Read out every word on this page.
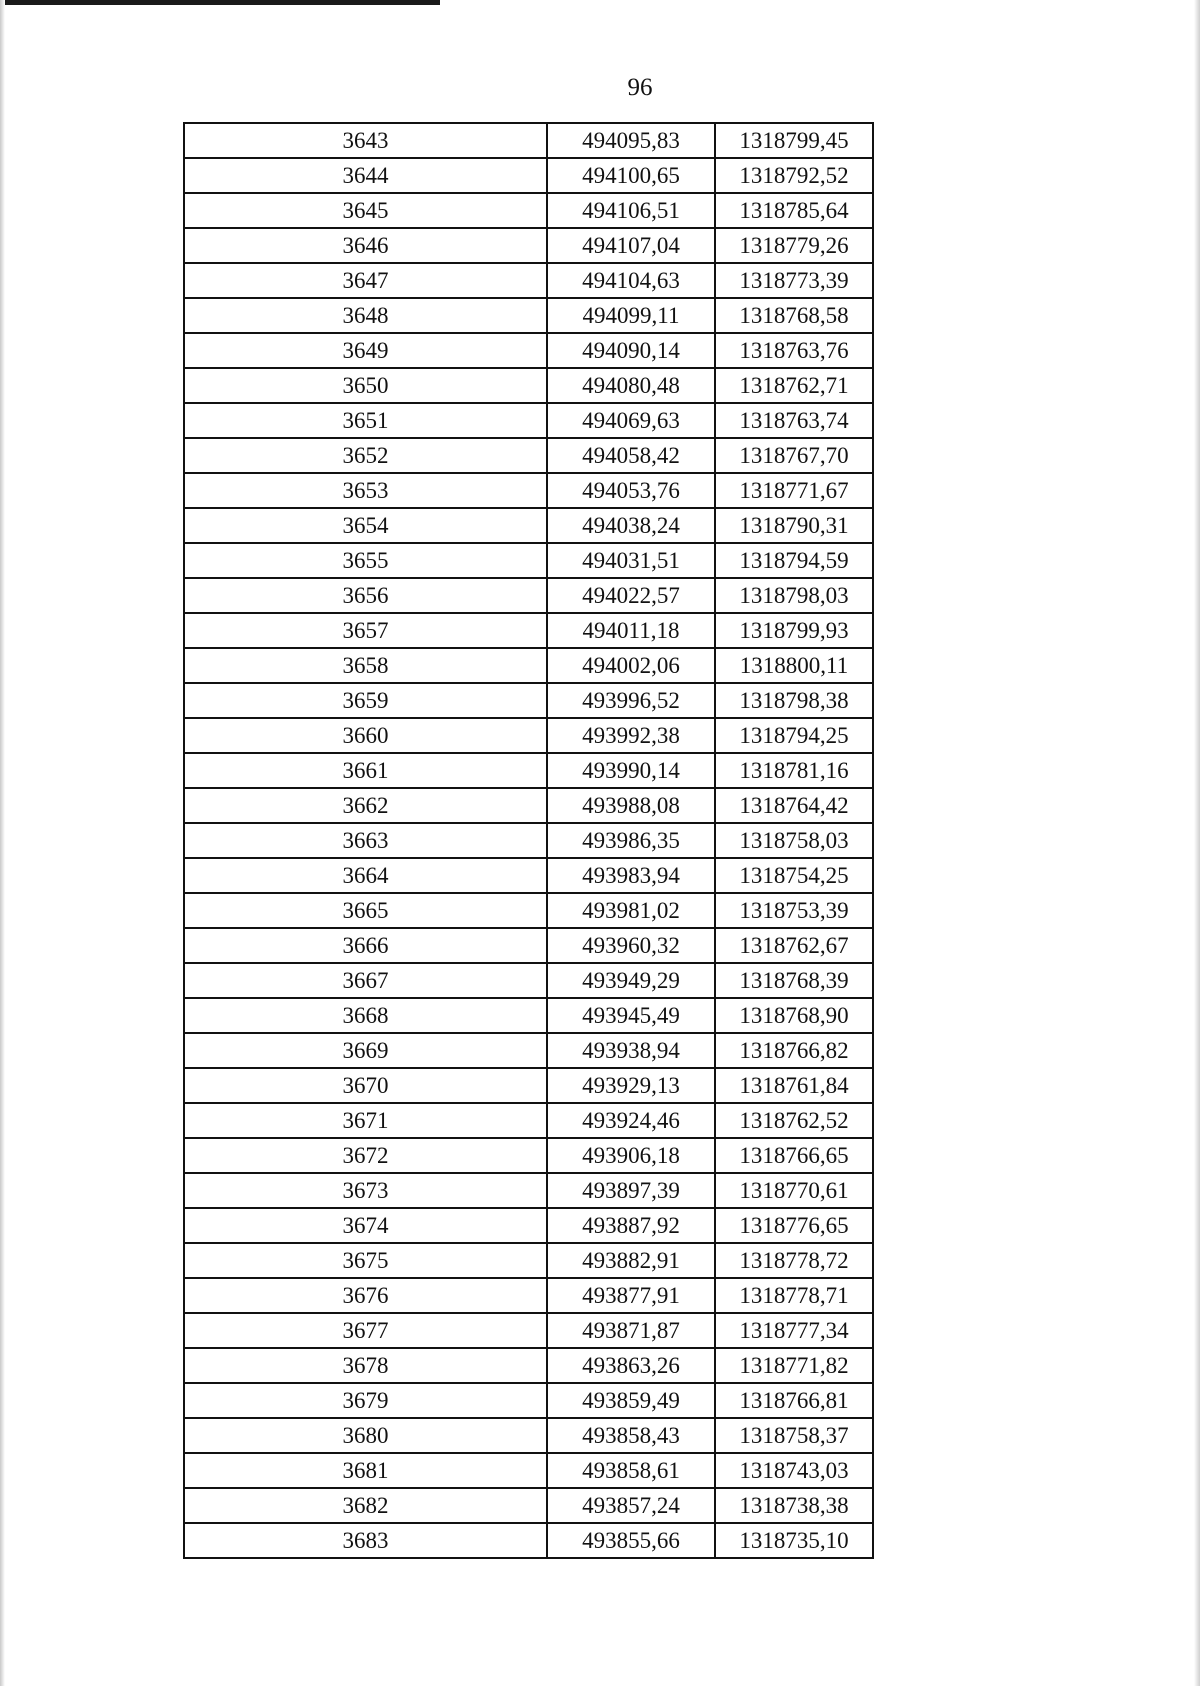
96
3643	494095,83	1318799,45
3644	494100,65	1318792,52
3645	494106,51	1318785,64
3646	494107,04	1318779,26
3647	494104,63	1318773,39
3648	494099,11	1318768,58
3649	494090,14	1318763,76
3650	494080,48	1318762,71
3651	494069,63	1318763,74
3652	494058,42	1318767,70
3653	494053,76	1318771,67
3654	494038,24	1318790,31
3655	494031,51	1318794,59
3656	494022,57	1318798,03
3657	494011,18	1318799,93
3658	494002,06	1318800,11
3659	493996,52	1318798,38
3660	493992,38	1318794,25
3661	493990,14	1318781,16
3662	493988,08	1318764,42
3663	493986,35	1318758,03
3664	493983,94	1318754,25
3665	493981,02	1318753,39
3666	493960,32	1318762,67
3667	493949,29	1318768,39
3668	493945,49	1318768,90
3669	493938,94	1318766,82
3670	493929,13	1318761,84
3671	493924,46	1318762,52
3672	493906,18	1318766,65
3673	493897,39	1318770,61
3674	493887,92	1318776,65
3675	493882,91	1318778,72
3676	493877,91	1318778,71
3677	493871,87	1318777,34
3678	493863,26	1318771,82
3679	493859,49	1318766,81
3680	493858,43	1318758,37
3681	493858,61	1318743,03
3682	493857,24	1318738,38
3683	493855,66	1318735,10
